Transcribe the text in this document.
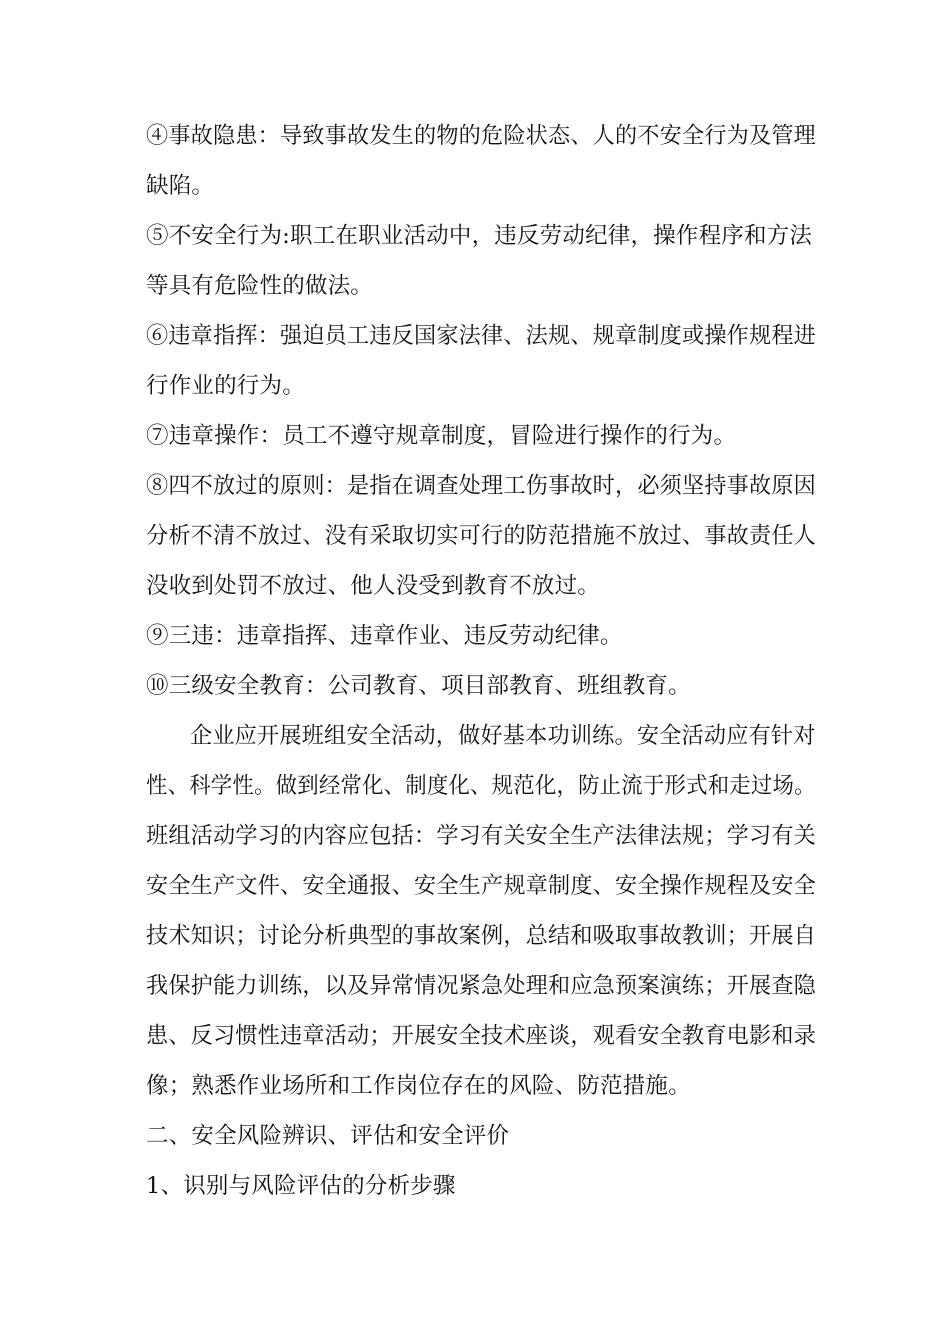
④事故隐患：导致事故发生的物的危险状态、人的不安全行为及管理
缺陷。
⑤不安全行为:职工在职业活动中，违反劳动纪律，操作程序和方法
等具有危险性的做法。
⑥违章指挥：强迫员工违反国家法律、法规、规章制度或操作规程进
行作业的行为。
⑦违章操作：员工不遵守规章制度，冒险进行操作的行为。
⑧四不放过的原则：是指在调查处理工伤事故时，必须坚持事故原因
分析不清不放过、没有采取切实可行的防范措施不放过、事故责任人
没收到处罚不放过、他人没受到教育不放过。
⑨三违：违章指挥、违章作业、违反劳动纪律。
⑩三级安全教育：公司教育、项目部教育、班组教育。
企业应开展班组安全活动，做好基本功训练。安全活动应有针对
性、科学性。做到经常化、制度化、规范化，防止流于形式和走过场。
班组活动学习的内容应包括：学习有关安全生产法律法规；学习有关
安全生产文件、安全通报、安全生产规章制度、安全操作规程及安全
技术知识；讨论分析典型的事故案例，总结和吸取事故教训；开展自
我保护能力训练，以及异常情况紧急处理和应急预案演练；开展查隐
患、反习惯性违章活动；开展安全技术座谈，观看安全教育电影和录
像；熟悉作业场所和工作岗位存在的风险、防范措施。
二、安全风险辨识、评估和安全评价
1、识别与风险评估的分析步骤
